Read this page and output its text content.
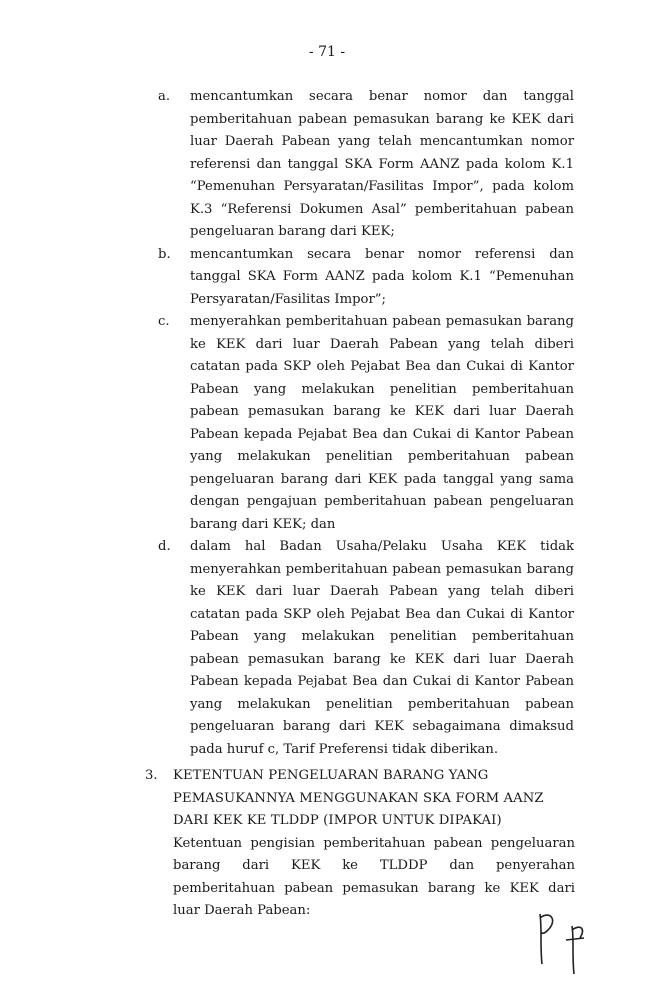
- 71 -
a.	mencantumkan secara benar nomor dan tanggal pemberitahuan pabean pemasukan barang ke KEK dari luar Daerah Pabean yang telah mencantumkan nomor referensi dan tanggal SKA Form AANZ pada kolom K.1 “Pemenuhan Persyaratan/Fasilitas Impor”, pada kolom K.3 “Referensi Dokumen Asal” pemberitahuan pabean pengeluaran barang dari KEK;
b.	mencantumkan secara benar nomor referensi dan tanggal SKA Form AANZ pada kolom K.1 “Pemenuhan Persyaratan/Fasilitas Impor”;
c.	menyerahkan pemberitahuan pabean pemasukan barang ke KEK dari luar Daerah Pabean yang telah diberi catatan pada SKP oleh Pejabat Bea dan Cukai di Kantor Pabean yang melakukan penelitian pemberitahuan pabean pemasukan barang ke KEK dari luar Daerah Pabean kepada Pejabat Bea dan Cukai di Kantor Pabean yang melakukan penelitian pemberitahuan pabean pengeluaran barang dari KEK pada tanggal yang sama dengan pengajuan pemberitahuan pabean pengeluaran barang dari KEK; dan
d.	dalam hal Badan Usaha/Pelaku Usaha KEK tidak menyerahkan pemberitahuan pabean pemasukan barang ke KEK dari luar Daerah Pabean yang telah diberi catatan pada SKP oleh Pejabat Bea dan Cukai di Kantor Pabean yang melakukan penelitian pemberitahuan pabean pemasukan barang ke KEK dari luar Daerah Pabean kepada Pejabat Bea dan Cukai di Kantor Pabean yang melakukan penelitian pemberitahuan pabean pengeluaran barang dari KEK sebagaimana dimaksud pada huruf c, Tarif Preferensi tidak diberikan.
3.	KETENTUAN PENGELUARAN BARANG YANG PEMASUKANNYA MENGGUNAKAN SKA FORM AANZ DARI KEK KE TLDDP (IMPOR UNTUK DIPAKAI)
Ketentuan pengisian pemberitahuan pabean pengeluaran barang dari KEK ke TLDDP dan penyerahan pemberitahuan pabean pemasukan barang ke KEK dari luar Daerah Pabean:
